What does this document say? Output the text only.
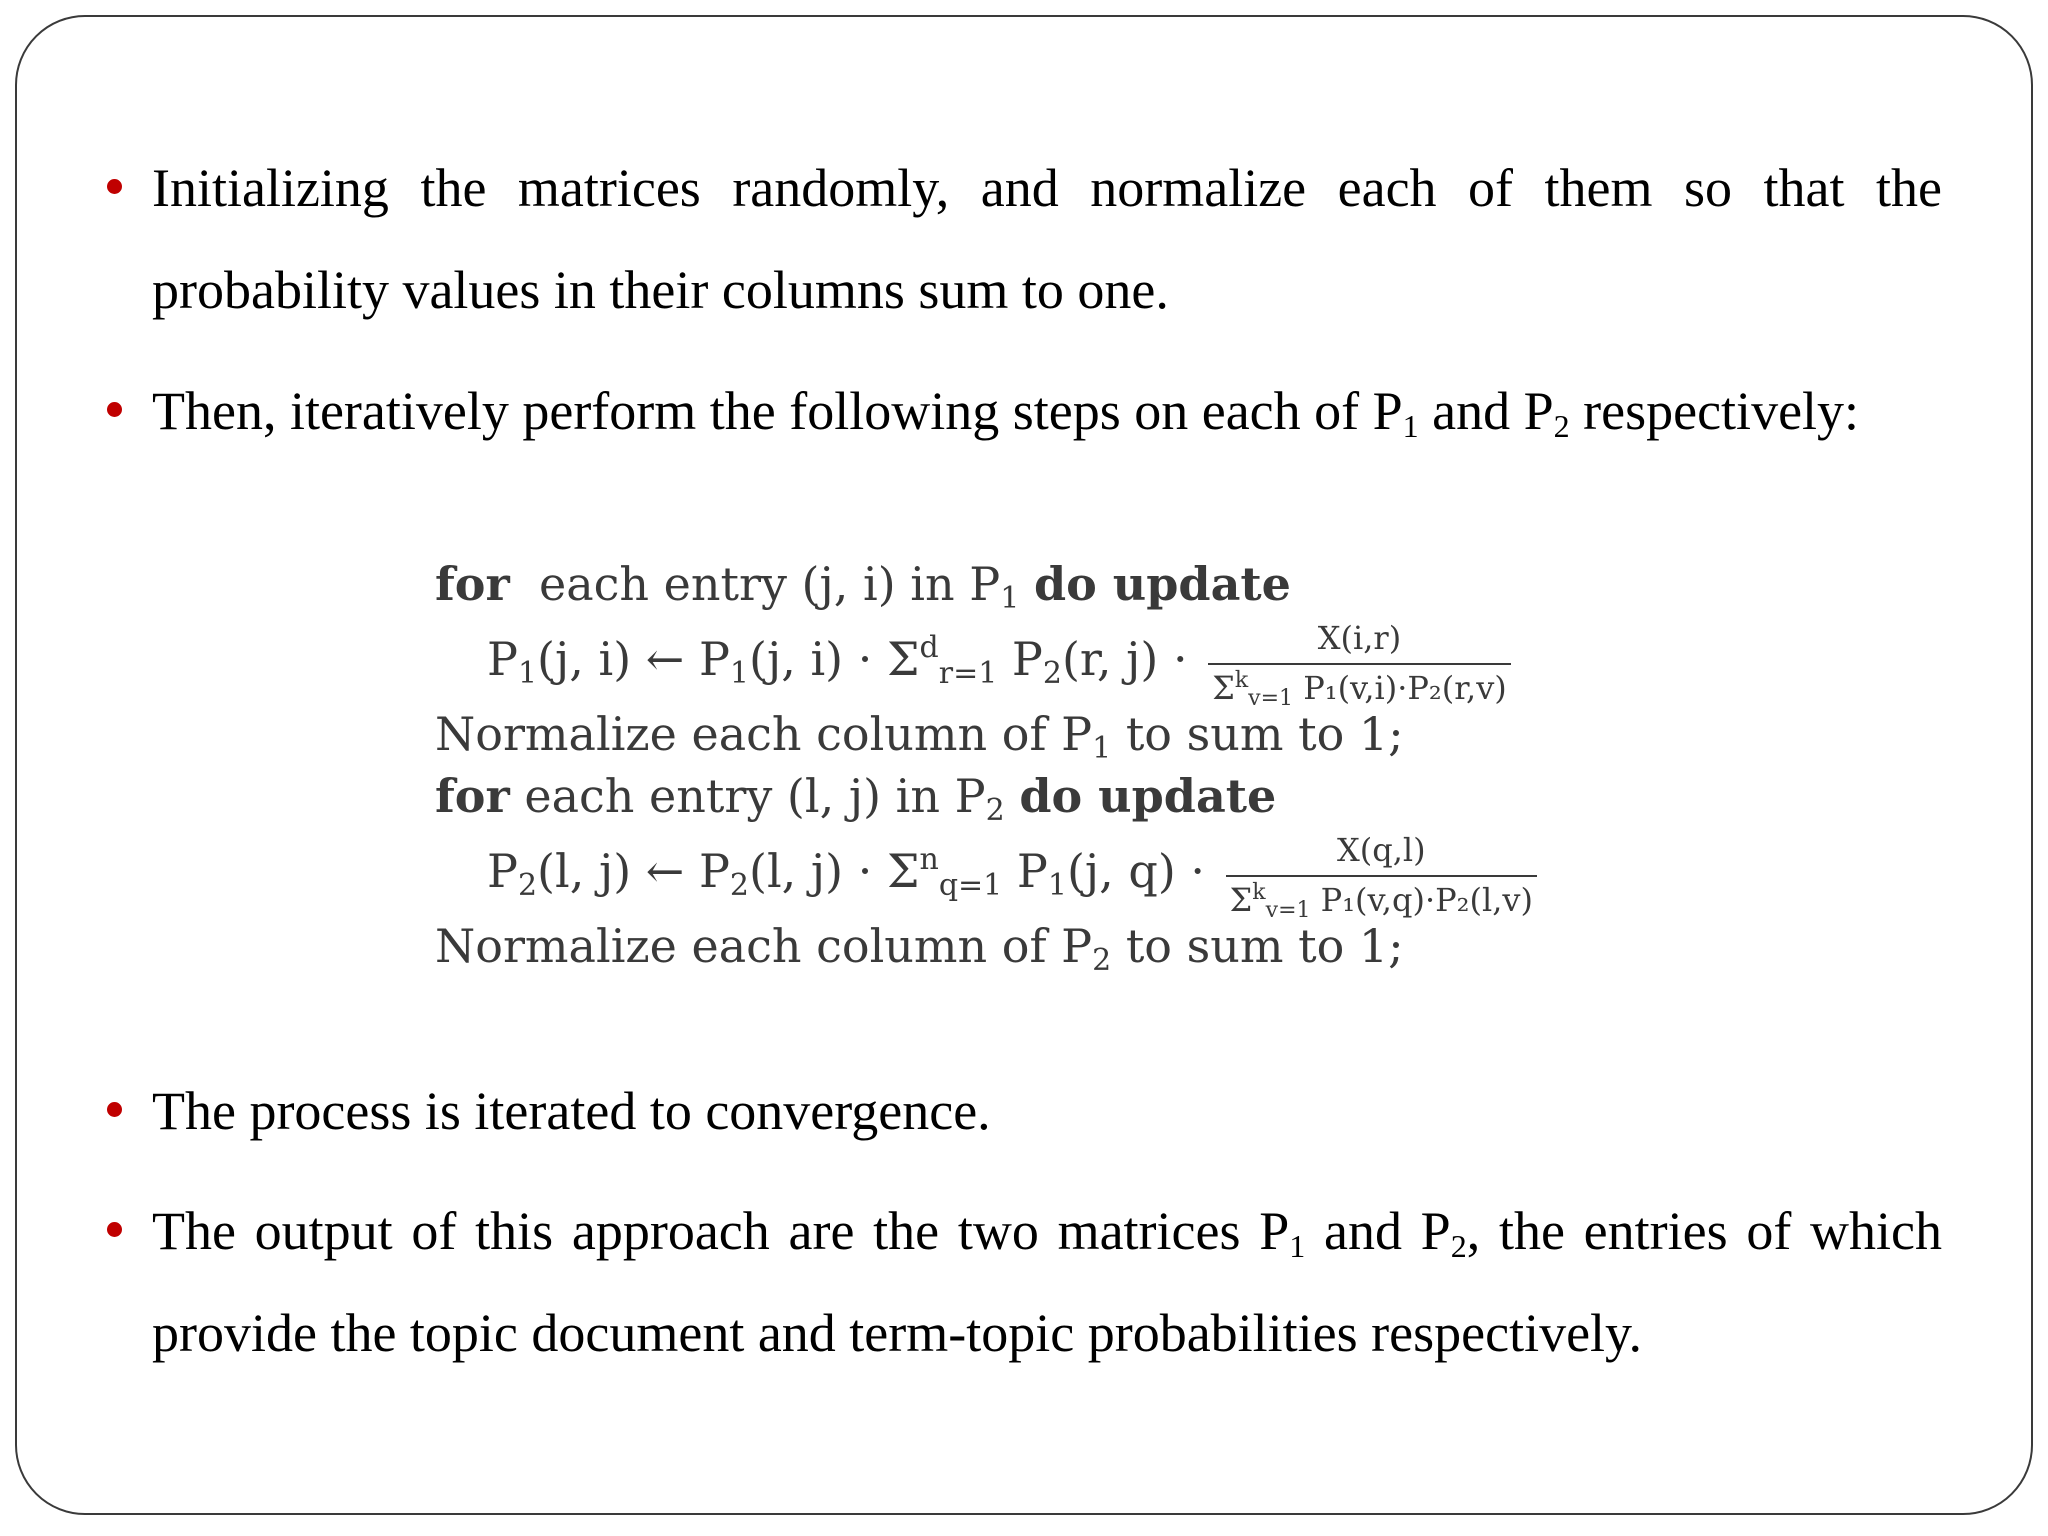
Initializing the matrices randomly, and normalize each of them so that the probability values in their columns sum to one.
Then, iteratively perform the following steps on each of $P_1$ and $P_2$ respectively:
for each entry (j, i) in P1 do update
P1(j, i) ← P1(j, $i) \cdot \Sigma^dr=1$ P2(r, $j) \cdot \frac{X(i,r)}{\Sigma^kv=1 P_1(v,i)\cdot P_2(r,v)}$
Normalize each column of P1 to sum to 1;
for each entry (l, j) in P2 do update
P2(l, j) ← P2(l, $j) \cdot \Sigma^nq=1$ P1(j, $q) \cdot \frac{X(q,l)}{\Sigma^kv=1 P_1(v,q)\cdot P_2(l,v)}$
Normalize each column of P2 to sum to 1;
The process is iterated to convergence.
The output of this approach are the two matrices $P_1$ and $P_2$, the entries of which provide the topic document and term-topic probabilities respectively.
